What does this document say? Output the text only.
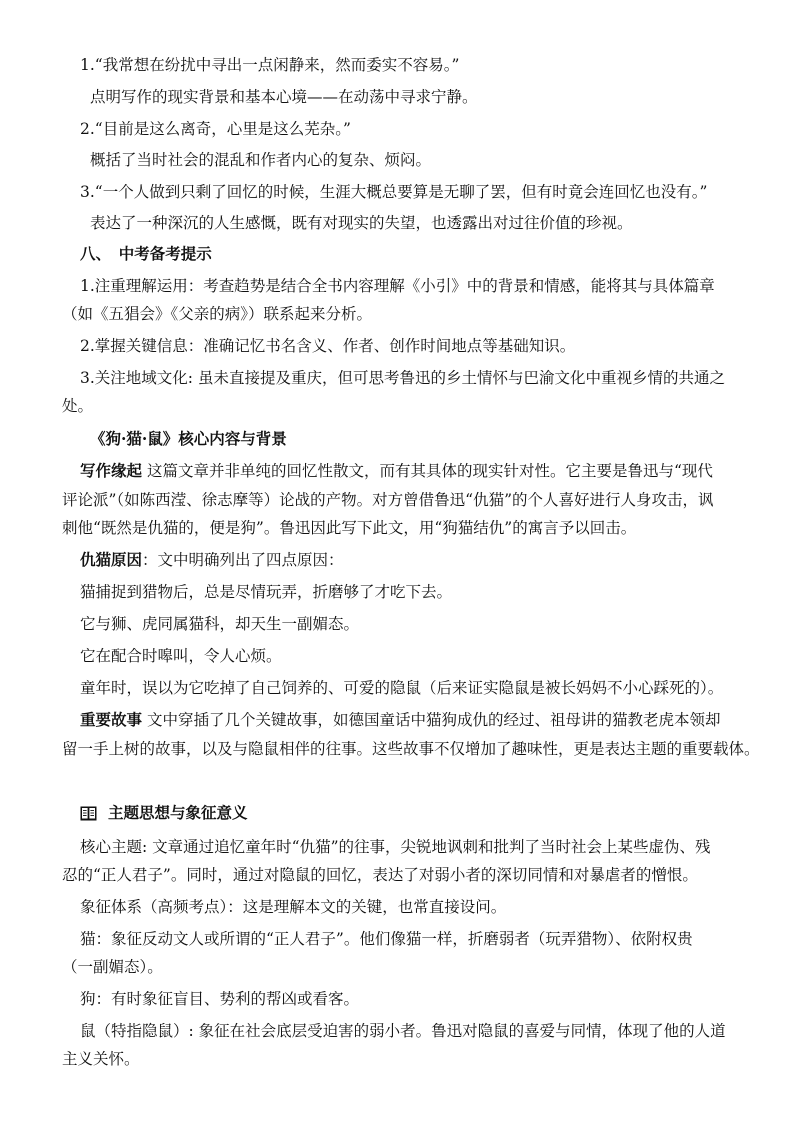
1.“我常想在纷扰中寻出一点闲静来，然而委实不容易。”
点明写作的现实背景和基本心境——在动荡中寻求宁静。
2.“目前是这么离奇，心里是这么芜杂。”
概括了当时社会的混乱和作者内心的复杂、烦闷。
3.“一个人做到只剩了回忆的时候，生涯大概总要算是无聊了罢，但有时竟会连回忆也没有。”
表达了一种深沉的人生感慨，既有对现实的失望，也透露出对过往价值的珍视。
八、　中考备考提示
1.注重理解运用：考查趋势是结合全书内容理解《小引》中的背景和情感，能将其与具体篇章
（如《五猖会》《父亲的病》）联系起来分析。
2.掌握关键信息：准确记忆书名含义、作者、创作时间地点等基础知识。
3.关注地域文化: 虽未直接提及重庆，但可思考鲁迅的乡土情怀与巴渝文化中重视乡情的共通之
处。
《狗·猫·鼠》核心内容与背景
写作缘起 这篇文章并非单纯的回忆性散文，而有其具体的现实针对性。它主要是鲁迅与“现代
评论派”（如陈西滢、徐志摩等）论战的产物。对方曾借鲁迅“仇猫”的个人喜好进行人身攻击，讽
刺他“既然是仇猫的，便是狗”。鲁迅因此写下此文，用“狗猫结仇”的寓言予以回击。
仇猫原因：文中明确列出了四点原因：
猫捕捉到猎物后，总是尽情玩弄，折磨够了才吃下去。
它与狮、虎同属猫科，却天生一副媚态。
它在配合时嗥叫，令人心烦。
童年时，误以为它吃掉了自己饲养的、可爱的隐鼠（后来证实隐鼠是被长妈妈不小心踩死的）。
重要故事 文中穿插了几个关键故事，如德国童话中猫狗成仇的经过、祖母讲的猫教老虎本领却
留一手上树的故事，以及与隐鼠相伴的往事。这些故事不仅增加了趣味性，更是表达主题的重要载体。
主题思想与象征意义
核心主题: 文章通过追忆童年时“仇猫”的往事，尖锐地讽刺和批判了当时社会上某些虚伪、残
忍的“正人君子”。同时，通过对隐鼠的回忆，表达了对弱小者的深切同情和对暴虐者的憎恨。
象征体系（高频考点）：这是理解本文的关键，也常直接设问。
猫：象征反动文人或所谓的“正人君子”。他们像猫一样，折磨弱者（玩弄猎物）、依附权贵
（一副媚态）。
狗：有时象征盲目、势利的帮凶或看客。
鼠（特指隐鼠）: 象征在社会底层受迫害的弱小者。鲁迅对隐鼠的喜爱与同情，体现了他的人道
主义关怀。
